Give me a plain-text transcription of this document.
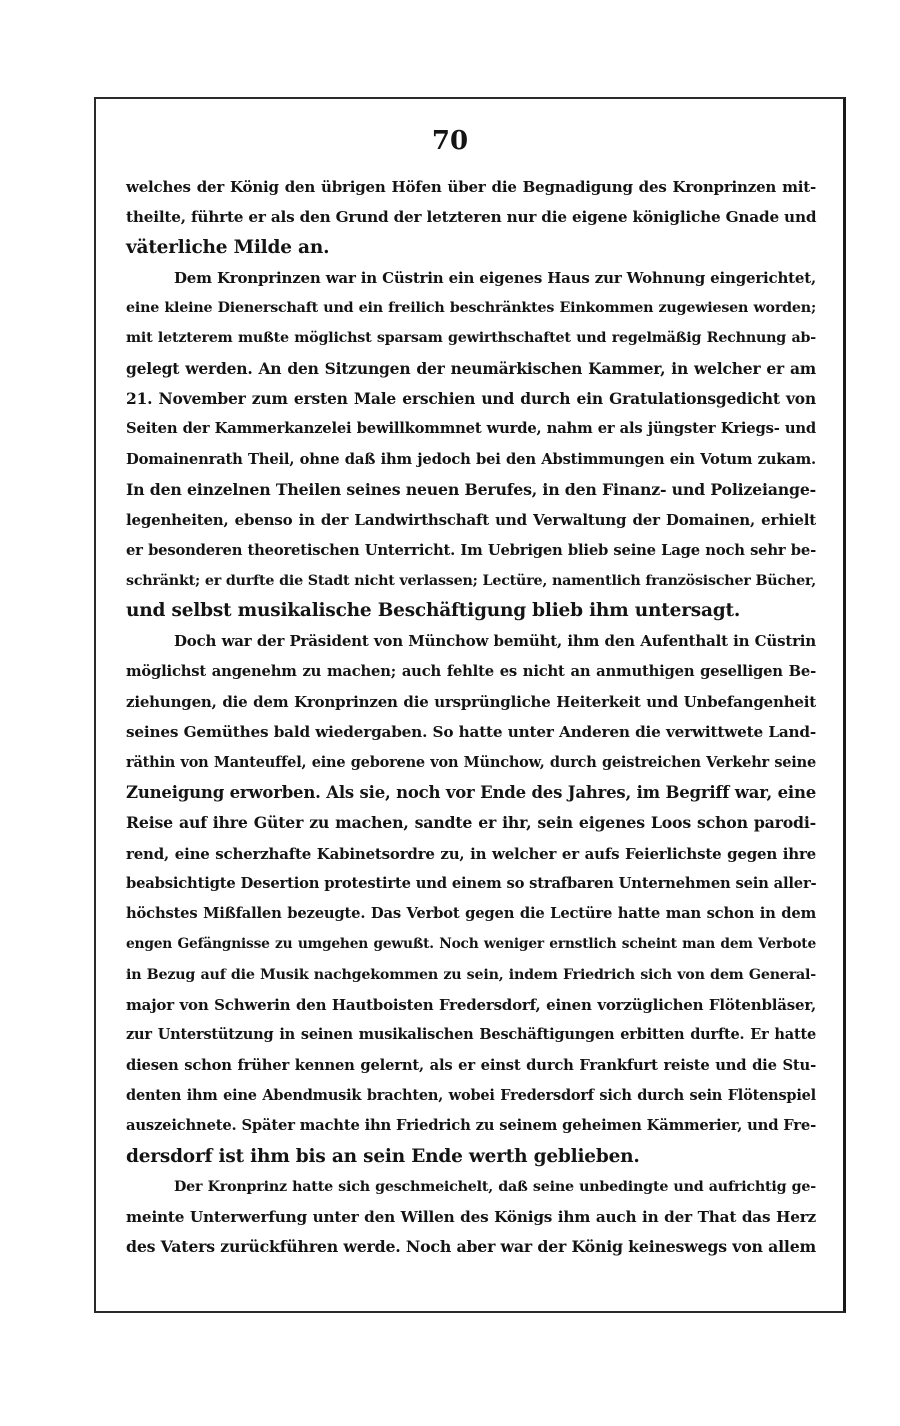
70
welches der König den übrigen Höfen über die Begnadigung des Kronprinzen mit-
theilte, führte er als den Grund der letzteren nur die eigene königliche Gnade und
väterliche Milde an.
Dem Kronprinzen war in Cüstrin ein eigenes Haus zur Wohnung eingerichtet,
eine kleine Dienerschaft und ein freilich beschränktes Einkommen zugewiesen worden;
mit letzterem mußte möglichst sparsam gewirthschaftet und regelmäßig Rechnung ab-
gelegt werden. An den Sitzungen der neumärkischen Kammer, in welcher er am
21. November zum ersten Male erschien und durch ein Gratulationsgedicht von
Seiten der Kammerkanzelei bewillkommnet wurde, nahm er als jüngster Kriegs- und
Domainenrath Theil, ohne daß ihm jedoch bei den Abstimmungen ein Votum zukam.
In den einzelnen Theilen seines neuen Berufes, in den Finanz- und Polizeiange-
legenheiten, ebenso in der Landwirthschaft und Verwaltung der Domainen, erhielt
er besonderen theoretischen Unterricht. Im Uebrigen blieb seine Lage noch sehr be-
schränkt; er durfte die Stadt nicht verlassen; Lectüre, namentlich französischer Bücher,
und selbst musikalische Beschäftigung blieb ihm untersagt.
Doch war der Präsident von Münchow bemüht, ihm den Aufenthalt in Cüstrin
möglichst angenehm zu machen; auch fehlte es nicht an anmuthigen geselligen Be-
ziehungen, die dem Kronprinzen die ursprüngliche Heiterkeit und Unbefangenheit
seines Gemüthes bald wiedergaben. So hatte unter Anderen die verwittwete Land-
räthin von Manteuffel, eine geborene von Münchow, durch geistreichen Verkehr seine
Zuneigung erworben. Als sie, noch vor Ende des Jahres, im Begriff war, eine
Reise auf ihre Güter zu machen, sandte er ihr, sein eigenes Loos schon parodi-
rend, eine scherzhafte Kabinetsordre zu, in welcher er aufs Feierlichste gegen ihre
beabsichtigte Desertion protestirte und einem so strafbaren Unternehmen sein aller-
höchstes Mißfallen bezeugte. Das Verbot gegen die Lectüre hatte man schon in dem
engen Gefängnisse zu umgehen gewußt. Noch weniger ernstlich scheint man dem Verbote
in Bezug auf die Musik nachgekommen zu sein, indem Friedrich sich von dem General-
major von Schwerin den Hautboisten Fredersdorf, einen vorzüglichen Flötenbläser,
zur Unterstützung in seinen musikalischen Beschäftigungen erbitten durfte. Er hatte
diesen schon früher kennen gelernt, als er einst durch Frankfurt reiste und die Stu-
denten ihm eine Abendmusik brachten, wobei Fredersdorf sich durch sein Flötenspiel
auszeichnete. Später machte ihn Friedrich zu seinem geheimen Kämmerier, und Fre-
dersdorf ist ihm bis an sein Ende werth geblieben.
Der Kronprinz hatte sich geschmeichelt, daß seine unbedingte und aufrichtig ge-
meinte Unterwerfung unter den Willen des Königs ihm auch in der That das Herz
des Vaters zurückführen werde. Noch aber war der König keineswegs von allem
